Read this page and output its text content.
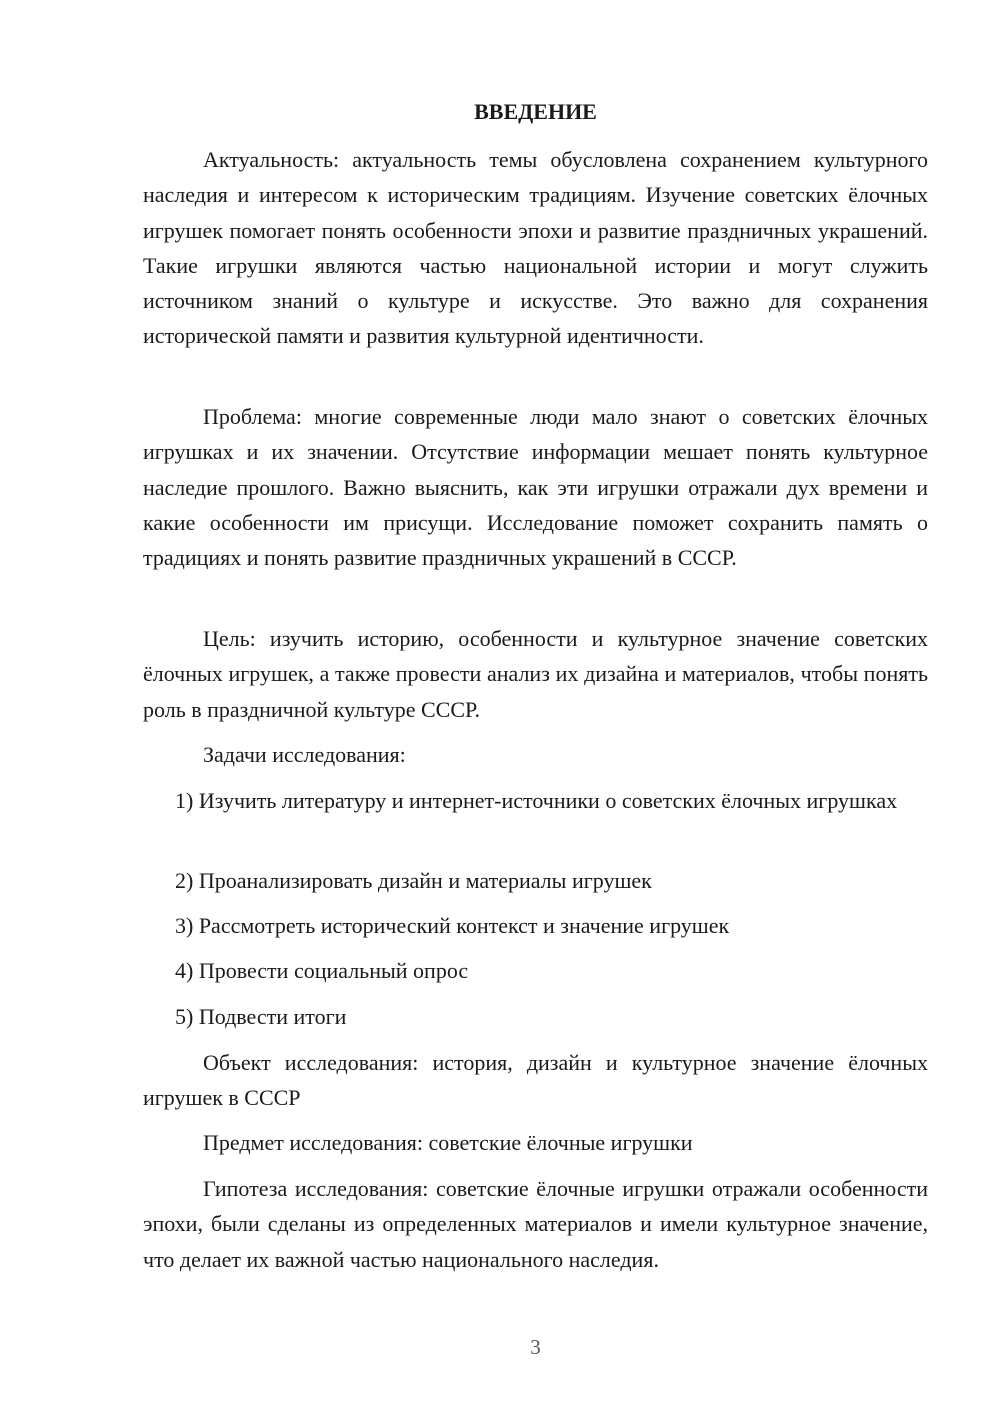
ВВЕДЕНИЕ

Актуальность: актуальность темы обусловлена сохранением культурного наследия и интересом к историческим традициям. Изучение советских ёлочных игрушек помогает понять особенности эпохи и развитие праздничных украшений. Такие игрушки являются частью национальной истории и могут служить источником знаний о культуре и искусстве. Это важно для сохранения исторической памяти и развития культурной идентичности.

Проблема: многие современные люди мало знают о советских ёлочных игрушках и их значении. Отсутствие информации мешает понять культурное наследие прошлого. Важно выяснить, как эти игрушки отражали дух времени и какие особенности им присущи. Исследование поможет сохранить память о традициях и понять развитие праздничных украшений в СССР.

Цель: изучить историю, особенности и культурное значение советских ёлочных игрушек, а также провести анализ их дизайна и материалов, чтобы понять роль в праздничной культуре СССР.

Задачи исследования:

1) Изучить литературу и интернет-источники о советских ёлочных игрушках

2) Проанализировать дизайн и материалы игрушек

3) Рассмотреть исторический контекст и значение игрушек

4) Провести социальный опрос

5) Подвести итоги

Объект исследования: история, дизайн и культурное значение ёлочных игрушек в СССР

Предмет исследования: советские ёлочные игрушки

Гипотеза исследования: советские ёлочные игрушки отражали особенности эпохи, были сделаны из определенных материалов и имели культурное значение, что делает их важной частью национального наследия.

3
